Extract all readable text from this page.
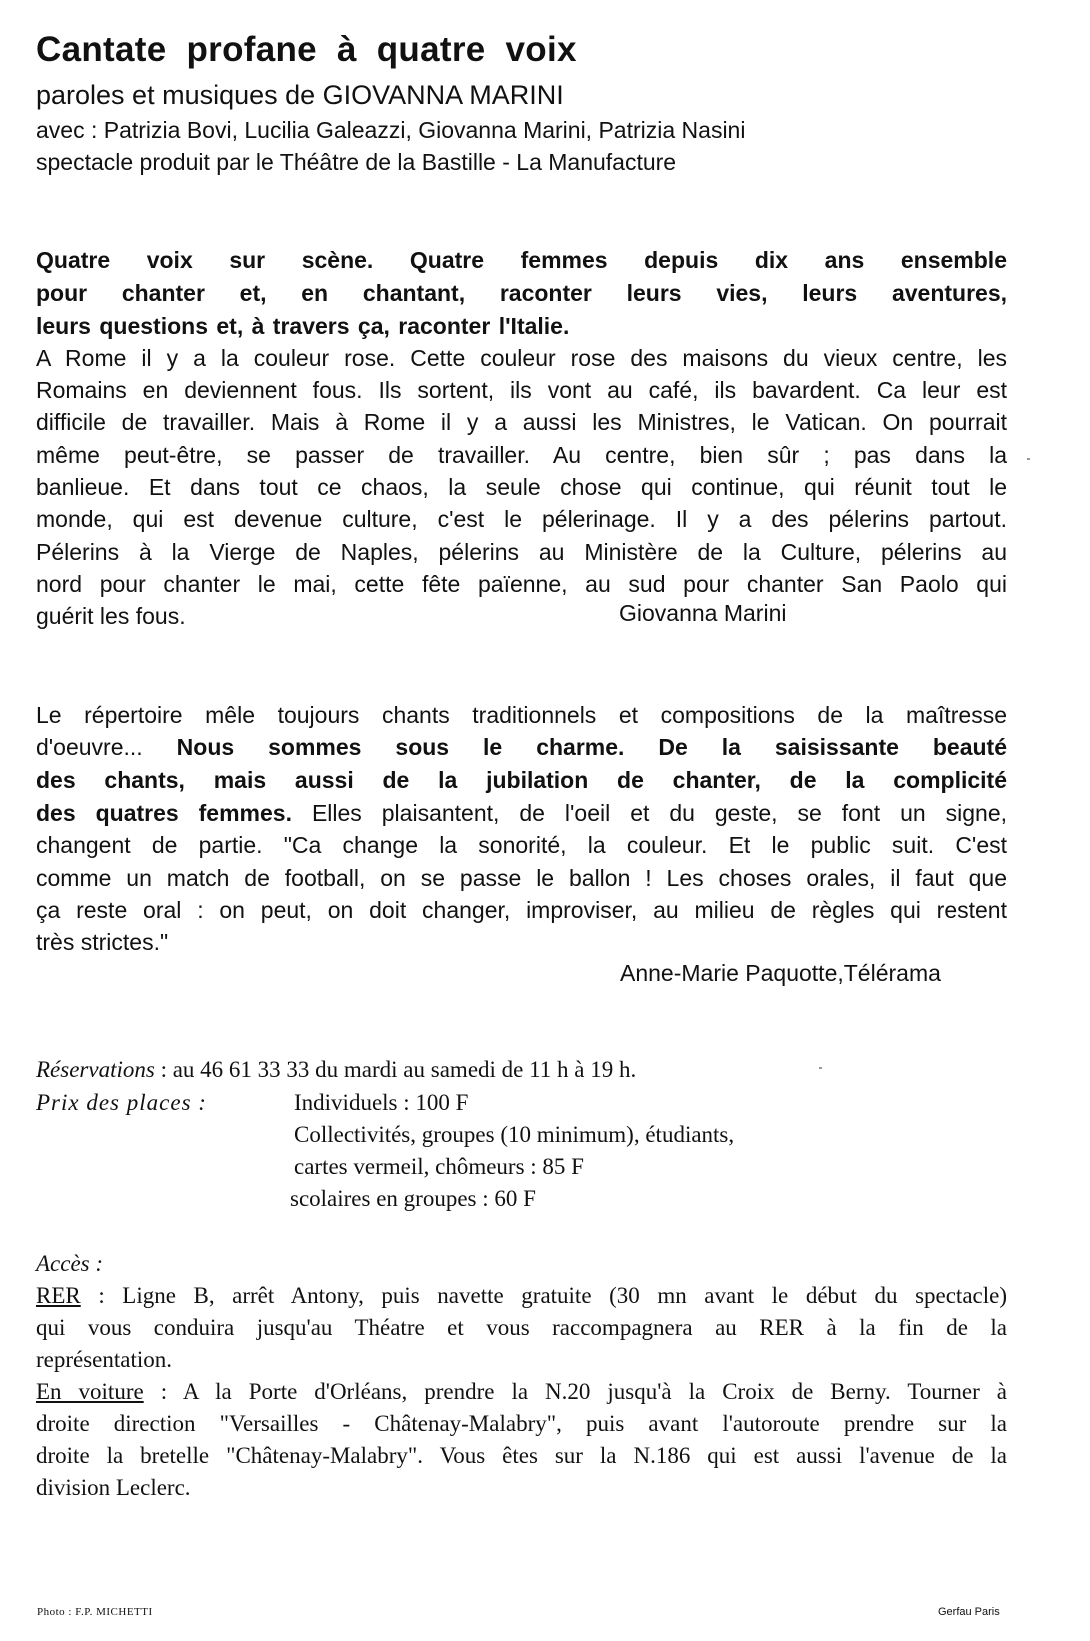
Cantate profane à quatre voix
paroles et musiques de GIOVANNA MARINI
avec : Patrizia Bovi, Lucilia Galeazzi, Giovanna Marini, Patrizia Nasini
spectacle produit par le Théâtre de la Bastille - La Manufacture
Quatre voix sur scène. Quatre femmes depuis dix ans ensemble
pour chanter et, en chantant, raconter leurs vies, leurs aventures,
leurs questions et, à travers ça, raconter l'Italie.
A Rome il y a la couleur rose. Cette couleur rose des maisons du vieux centre, les
Romains en deviennent fous. Ils sortent, ils vont au café, ils bavardent. Ca leur est
difficile de travailler. Mais à Rome il y a aussi les Ministres, le Vatican. On pourrait
même peut-être, se passer de travailler. Au centre, bien sûr ; pas dans la
banlieue. Et dans tout ce chaos, la seule chose qui continue, qui réunit tout le
monde, qui est devenue culture, c'est le pélerinage. Il y a des pélerins partout.
Pélerins à la Vierge de Naples, pélerins au Ministère de la Culture, pélerins au
nord pour chanter le mai, cette fête païenne, au sud pour chanter San Paolo qui
guérit les fous.	Giovanna Marini
Le répertoire mêle toujours chants traditionnels et compositions de la maîtresse
d'oeuvre... Nous sommes sous le charme. De la saisissante beauté
des chants, mais aussi de la jubilation de chanter, de la complicité
des quatres femmes. Elles plaisantent, de l'oeil et du geste, se font un signe,
changent de partie. "Ca change la sonorité, la couleur. Et le public suit. C'est
comme un match de football, on se passe le ballon ! Les choses orales, il faut que
ça reste oral : on peut, on doit changer, improviser, au milieu de règles qui restent
très strictes."
Anne-Marie Paquotte,Télérama
Réservations : au 46 61 33 33 du mardi au samedi de 11 h à 19 h.
Prix des places :	Individuels : 100 F
Collectivités, groupes (10 minimum), étudiants,
cartes vermeil, chômeurs : 85 F
scolaires en groupes : 60 F
Accès :
RER : Ligne B, arrêt Antony, puis navette gratuite (30 mn avant le début du spectacle)
qui vous conduira jusqu'au Théatre et vous raccompagnera au RER à la fin de la
représentation.
En voiture : A la Porte d'Orléans, prendre la N.20 jusqu'à la Croix de Berny. Tourner à
droite direction "Versailles - Châtenay-Malabry", puis avant l'autoroute prendre sur la
droite la bretelle "Châtenay-Malabry". Vous êtes sur la N.186 qui est aussi l'avenue de la
division Leclerc.
Photo : F.P. MICHETTI	Gerfau Paris
